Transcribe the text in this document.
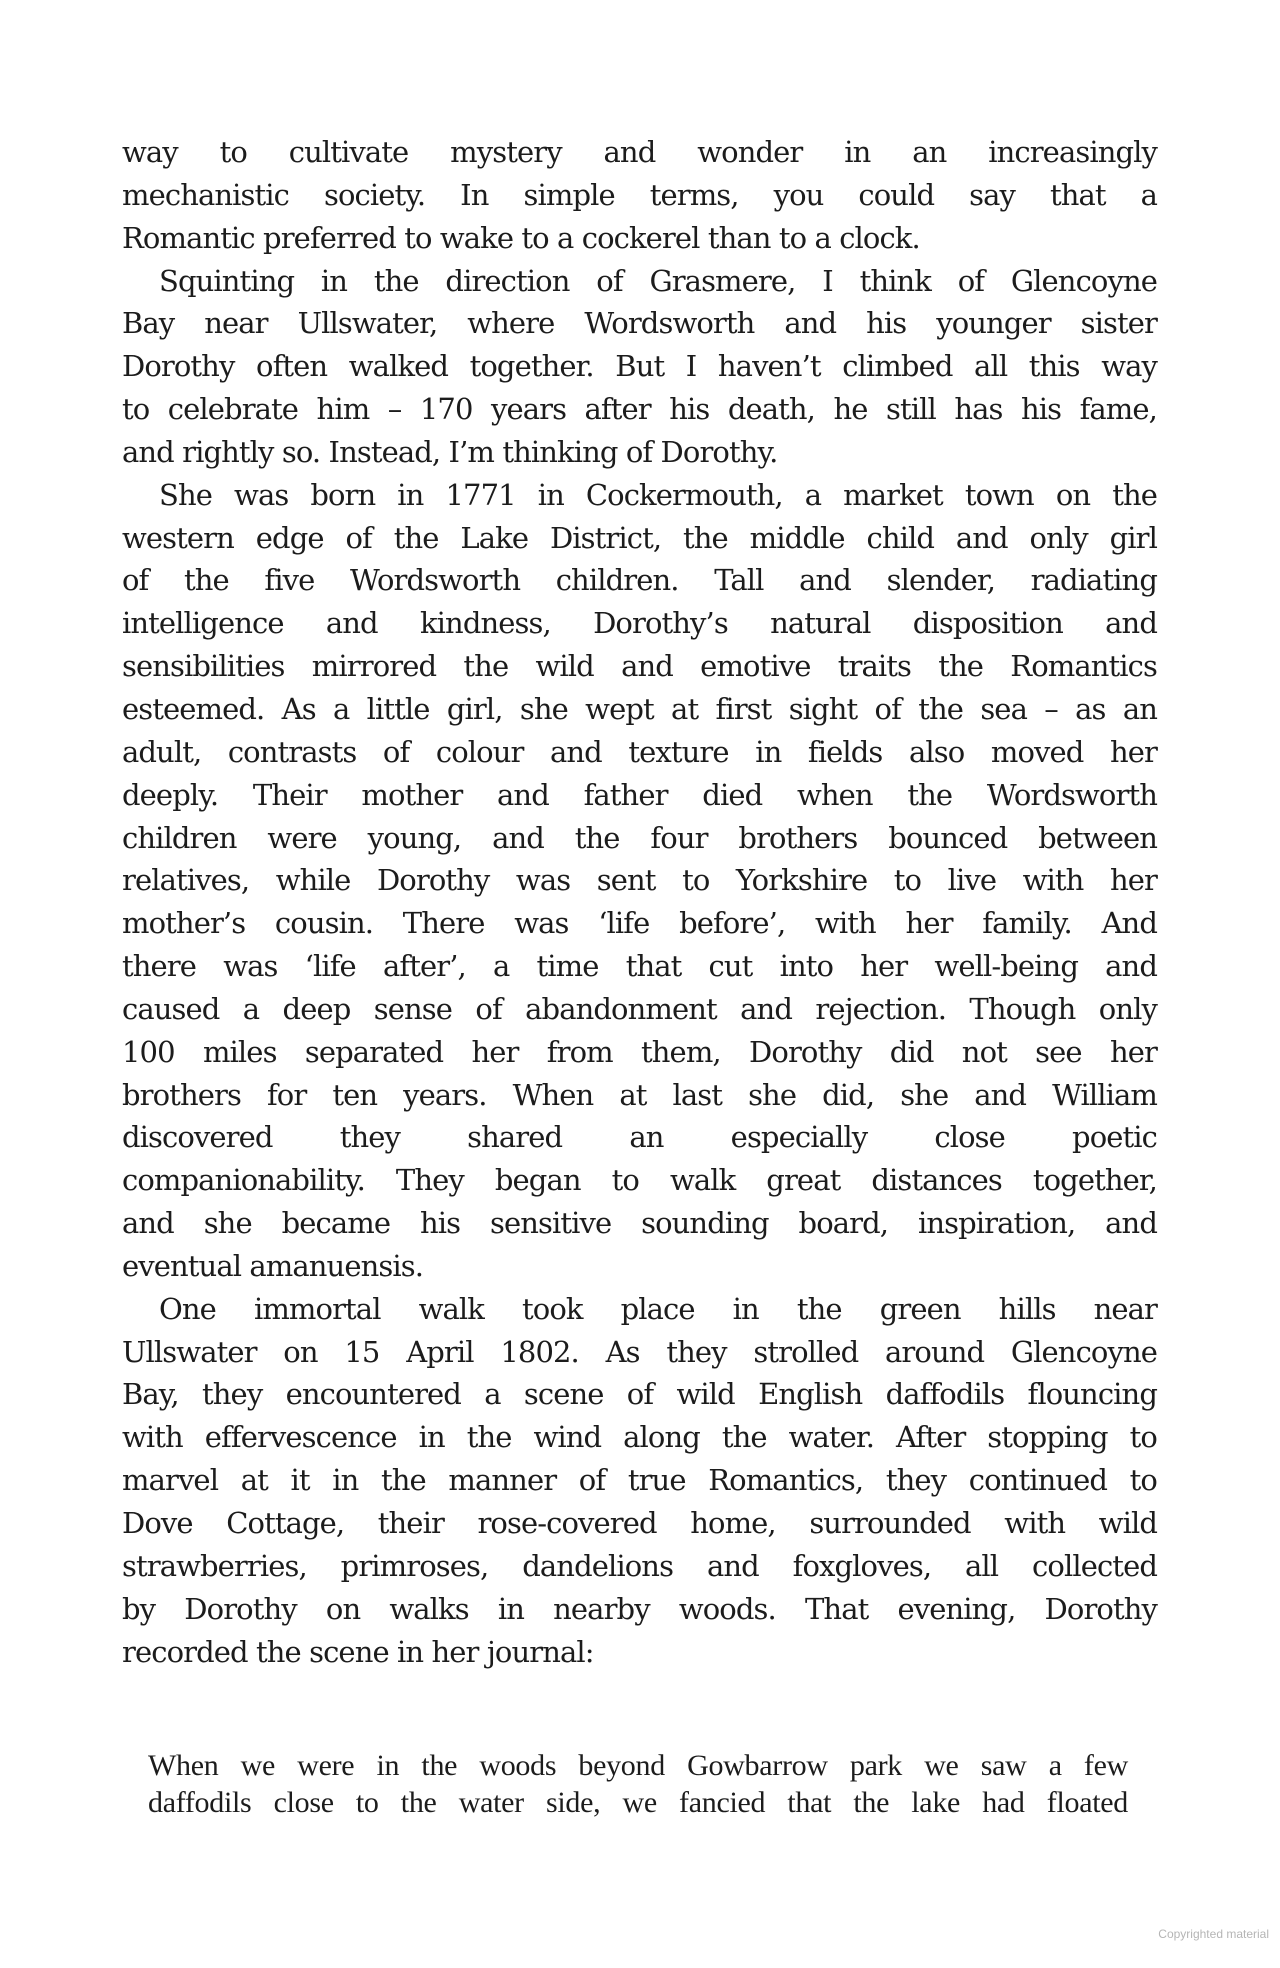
way to cultivate mystery and wonder in an increasingly
mechanistic society. In simple terms, you could say that a
Romantic preferred to wake to a cockerel than to a clock.
Squinting in the direction of Grasmere, I think of Glencoyne
Bay near Ullswater, where Wordsworth and his younger sister
Dorothy often walked together. But I haven’t climbed all this way
to celebrate him – 170 years after his death, he still has his fame,
and rightly so. Instead, I’m thinking of Dorothy.
She was born in 1771 in Cockermouth, a market town on the
western edge of the Lake District, the middle child and only girl
of the five Wordsworth children. Tall and slender, radiating
intelligence and kindness, Dorothy’s natural disposition and
sensibilities mirrored the wild and emotive traits the Romantics
esteemed. As a little girl, she wept at first sight of the sea – as an
adult, contrasts of colour and texture in fields also moved her
deeply. Their mother and father died when the Wordsworth
children were young, and the four brothers bounced between
relatives, while Dorothy was sent to Yorkshire to live with her
mother’s cousin. There was ‘life before’, with her family. And
there was ‘life after’, a time that cut into her well-being and
caused a deep sense of abandonment and rejection. Though only
100 miles separated her from them, Dorothy did not see her
brothers for ten years. When at last she did, she and William
discovered they shared an especially close poetic
companionability. They began to walk great distances together,
and she became his sensitive sounding board, inspiration, and
eventual amanuensis.
One immortal walk took place in the green hills near
Ullswater on 15 April 1802. As they strolled around Glencoyne
Bay, they encountered a scene of wild English daffodils flouncing
with effervescence in the wind along the water. After stopping to
marvel at it in the manner of true Romantics, they continued to
Dove Cottage, their rose-covered home, surrounded with wild
strawberries, primroses, dandelions and foxgloves, all collected
by Dorothy on walks in nearby woods. That evening, Dorothy
recorded the scene in her journal:
When we were in the woods beyond Gowbarrow park we saw a few
daffodils close to the water side, we fancied that the lake had floated
Copyrighted material
